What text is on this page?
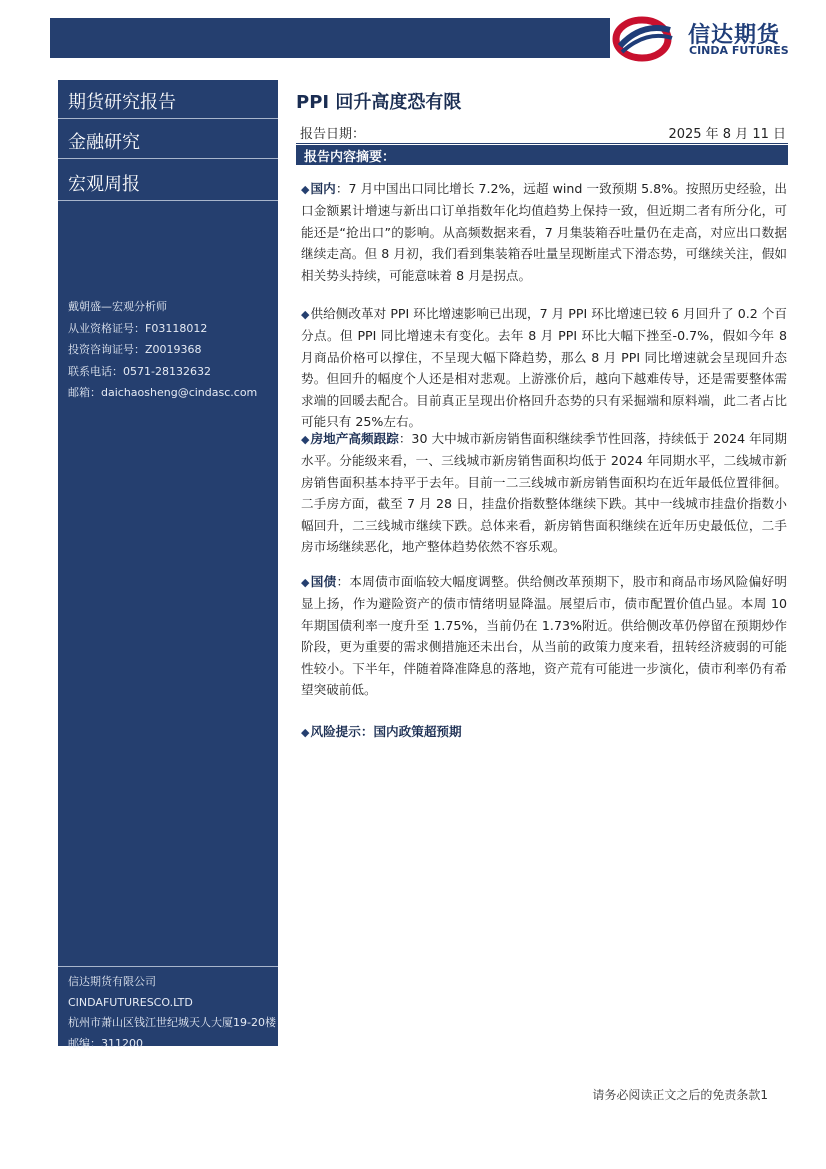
信达期货
CINDA FUTURES
期货研究报告
金融研究
宏观周报
戴朝盛—宏观分析师
从业资格证号：F03118012
投资咨询证号：Z0019368
联系电话：0571-28132632
邮箱：daichaosheng@cindasc.com
信达期货有限公司
CINDAFUTURESCO.LTD
杭州市萧山区钱江世纪城天人大厦19-20楼
邮编：311200
PPI 回升高度恐有限
报告日期：	2025 年 8 月 11 日
报告内容摘要：
◆国内：7 月中国出口同比增长 7.2%，远超 wind 一致预期 5.8%。按照历史经验，出口金额累计增速与新出口订单指数年化均值趋势上保持一致，但近期二者有所分化，可能还是“抢出口”的影响。从高频数据来看，7 月集装箱吞吐量仍在走高，对应出口数据继续走高。但 8 月初，我们看到集装箱吞吐量呈现断崖式下滑态势，可继续关注，假如相关势头持续，可能意味着 8 月是拐点。
◆供给侧改革对 PPI 环比增速影响已出现，7 月 PPI 环比增速已较 6 月回升了 0.2 个百分点。但 PPI 同比增速未有变化。去年 8 月 PPI 环比大幅下挫至-0.7%，假如今年 8 月商品价格可以撑住，不呈现大幅下降趋势，那么 8 月 PPI 同比增速就会呈现回升态势。但回升的幅度个人还是相对悲观。上游涨价后，越向下越难传导，还是需要整体需求端的回暖去配合。目前真正呈现出价格回升态势的只有采掘端和原料端，此二者占比可能只有 25%左右。
◆房地产高频跟踪：30 大中城市新房销售面积继续季节性回落，持续低于 2024 年同期水平。分能级来看，一、三线城市新房销售面积均低于 2024 年同期水平，二线城市新房销售面积基本持平于去年。目前一二三线城市新房销售面积均在近年最低位置徘徊。二手房方面，截至 7 月 28 日，挂盘价指数整体继续下跌。其中一线城市挂盘价指数小幅回升，二三线城市继续下跌。总体来看，新房销售面积继续在近年历史最低位，二手房市场继续恶化，地产整体趋势依然不容乐观。
◆国债：本周债市面临较大幅度调整。供给侧改革预期下，股市和商品市场风险偏好明显上扬，作为避险资产的债市情绪明显降温。展望后市，债市配置价值凸显。本周 10 年期国债利率一度升至 1.75%，当前仍在 1.73%附近。供给侧改革仍停留在预期炒作阶段，更为重要的需求侧措施还未出台，从当前的政策力度来看，扭转经济疲弱的可能性较小。下半年，伴随着降准降息的落地，资产荒有可能进一步演化，债市利率仍有希望突破前低。
◆风险提示：国内政策超预期
请务必阅读正文之后的免责条款1
